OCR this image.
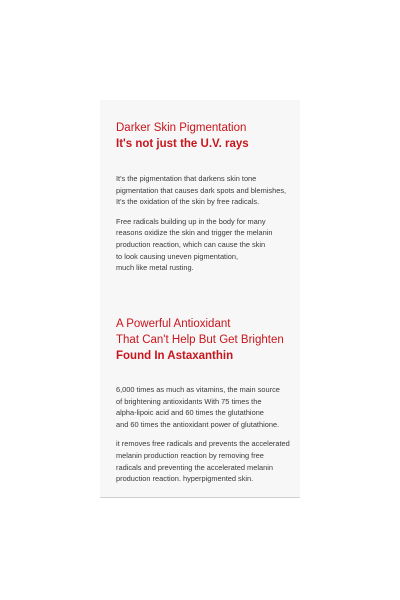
Darker Skin Pigmentation
It's not just the U.V. rays

It's the pigmentation that darkens skin tone
pigmentation that causes dark spots and blemishes,
It's the oxidation of the skin by free radicals.

Free radicals building up in the body for many
reasons oxidize the skin and trigger the melanin
production reaction, which can cause the skin
to look causing uneven pigmentation,
much like metal rusting.

A Powerful Antioxidant
That Can't Help But Get Brighten
Found In Astaxanthin

6,000 times as much as vitamins, the main source
of brightening antioxidants With 75 times the
alpha-lipoic acid and 60 times the glutathione
and 60 times the antioxidant power of glutathione.

it removes free radicals and prevents the accelerated
melanin production reaction by removing free
radicals and preventing the accelerated melanin
production reaction. hyperpigmented skin.
